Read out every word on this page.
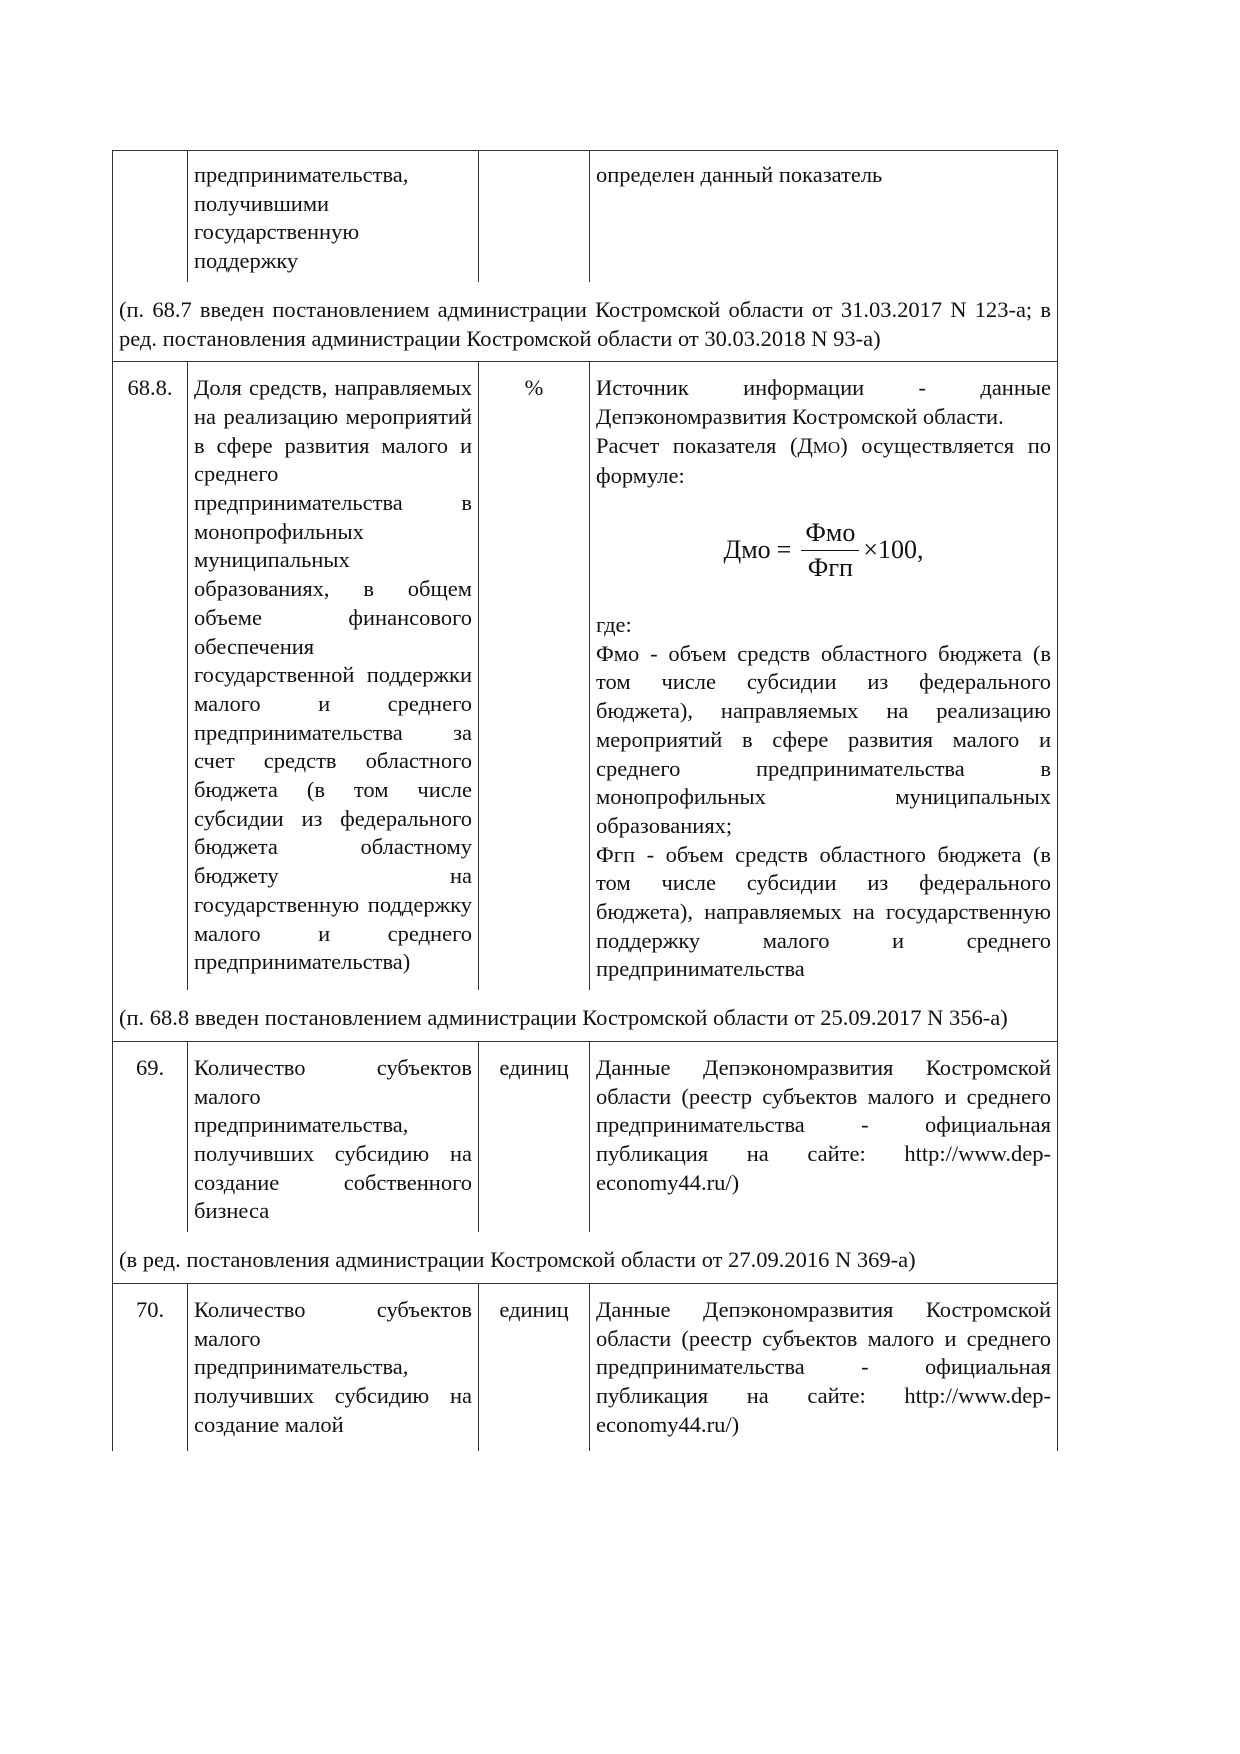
	предпринимательства,
получившими
государственную
поддержку		определен данный показатель

(п. 68.7 введен постановлением администрации Костромской области от 31.03.2017 N 123-а; в ред. постановления администрации Костромской области от 30.03.2018 N 93-а)			
68.8.	Доля средств, направляемых на реализацию мероприятий в сфере развития малого и среднего предпринимательства в монопрофильных муниципальных образованиях, в общем объеме финансового обеспечения государственной поддержки малого и среднего предпринимательства за счет средств областного бюджета (в том числе субсидии из федерального бюджета областному бюджету на государственную поддержку малого и среднего предпринимательства)	%	Источник информации - данные Депэкономразвития Костромской области.
Расчет показателя (ДМО) осуществляется по формуле:
Дмо = $\frac{\text{Фмо}}{\text{Фгп}} \times 100$,
где:
Фмо - объем средств областного бюджета (в том числе субсидии из федерального бюджета), направляемых на реализацию мероприятий в сфере развития малого и среднего предпринимательства в монопрофильных муниципальных образованиях;
Фгп - объем средств областного бюджета (в том числе субсидии из федерального бюджета), направляемых на государственную поддержку малого и среднего предпринимательства

(п. 68.8 введен постановлением администрации Костромской области от 25.09.2017 N 356-а)			
69.	Количество субъектов малого предпринимательства, получивших субсидию на создание собственного бизнеса	единиц	Данные Депэкономразвития Костромской области (реестр субъектов малого и среднего предпринимательства - официальная публикация на сайте: http://www.dep-economy44.ru/)
(в ред. постановления администрации Костромской области от 27.09.2016 N 369-а)			
70.	Количество субъектов малого предпринимательства, получивших субсидию на создание малой	единиц	Данные Депэкономразвития Костромской области (реестр субъектов малого и среднего предпринимательства - официальная публикация на сайте: http://www.dep-economy44.ru/)
